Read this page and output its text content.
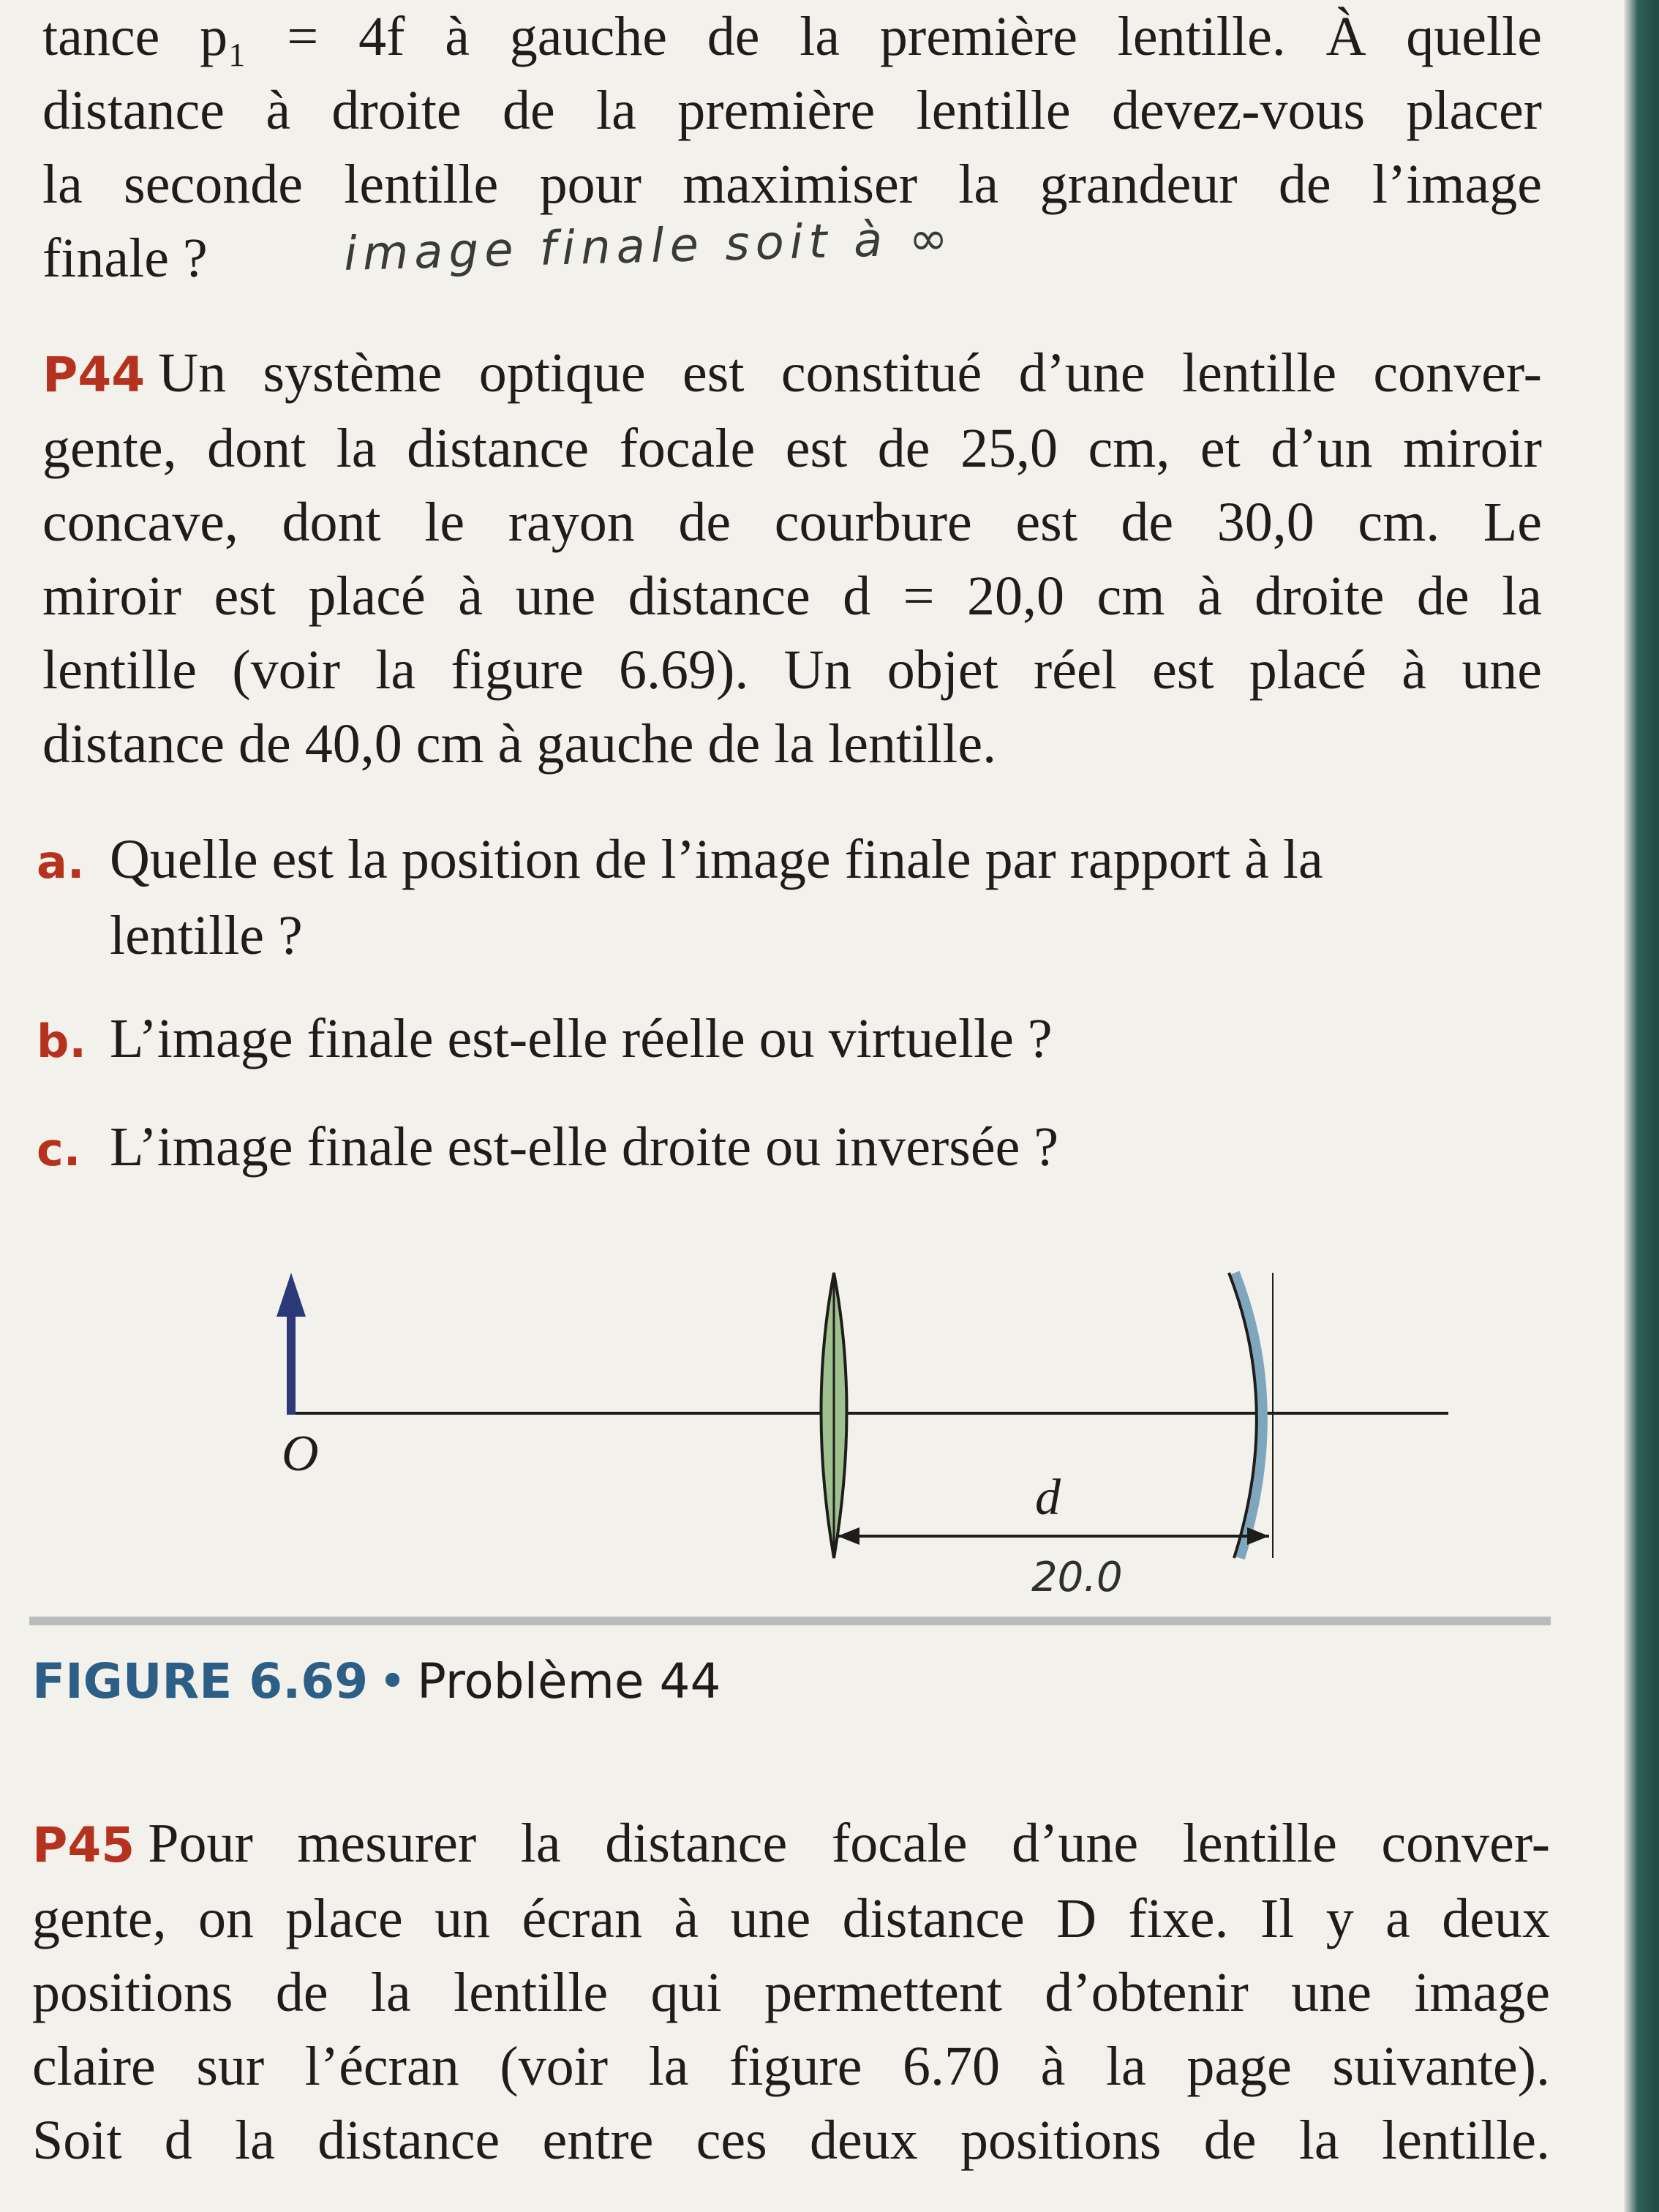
tance p₁ = 4f à gauche de la première lentille. À quelle
distance à droite de la première lentille devez-vous placer
la seconde lentille pour maximiser la grandeur de l’image
finale ?	image finale soit à ∞
P44 Un système optique est constitué d’une lentille conver-
gente, dont la distance focale est de 25,0 cm, et d’un miroir
concave, dont le rayon de courbure est de 30,0 cm. Le
miroir est placé à une distance d = 20,0 cm à droite de la
lentille (voir la figure 6.69). Un objet réel est placé à une
distance de 40,0 cm à gauche de la lentille.
a. Quelle est la position de l’image finale par rapport à la
lentille ?
b. L’image finale est-elle réelle ou virtuelle ?
c. L’image finale est-elle droite ou inversée ?
O
d
20.0
FIGURE 6.69 • Problème 44
P45 Pour mesurer la distance focale d’une lentille conver-
gente, on place un écran à une distance D fixe. Il y a deux
positions de la lentille qui permettent d’obtenir une image
claire sur l’écran (voir la figure 6.70 à la page suivante).
Soit d la distance entre ces deux positions de la lentille.
